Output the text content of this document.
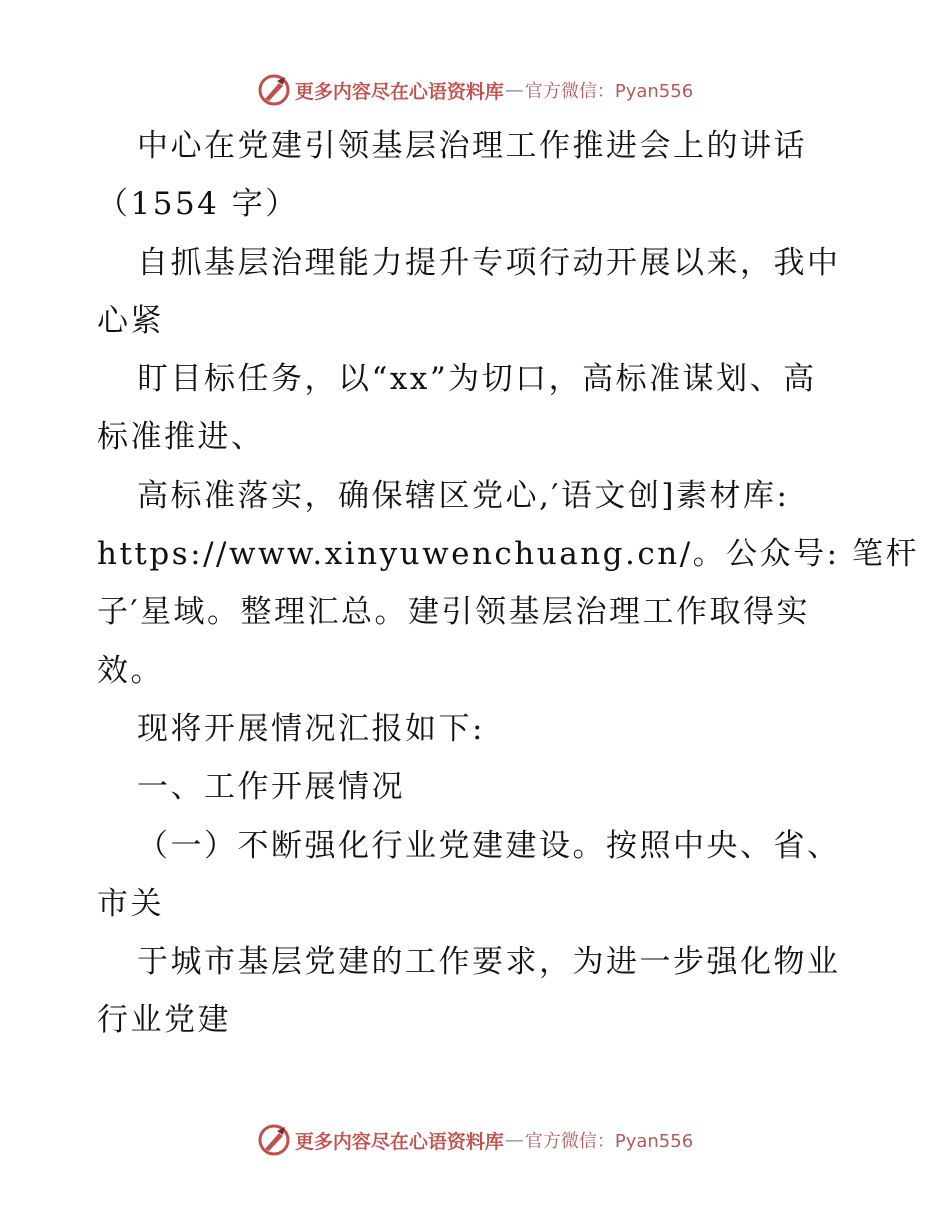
更多内容尽在心语资料库 — 官方微信：Pyan556
中心在党建引领基层治理工作推进会上的讲话
（1554 字）
自抓基层治理能力提升专项行动开展以来，我中
心紧
盯目标任务，以“xx”为切口，高标准谋划、高
标准推进、
高标准落实，确保辖区党心,′语文创]素材库:
https://www.xinyuwenchuang.cn/。公众号: 笔杆
子′星域。整理汇总。建引领基层治理工作取得实
效。
现将开展情况汇报如下:
一、工作开展情况
（一）不断强化行业党建建设。按照中央、省、
市关
于城市基层党建的工作要求，为进一步强化物业
行业党建
更多内容尽在心语资料库 — 官方微信：Pyan556
